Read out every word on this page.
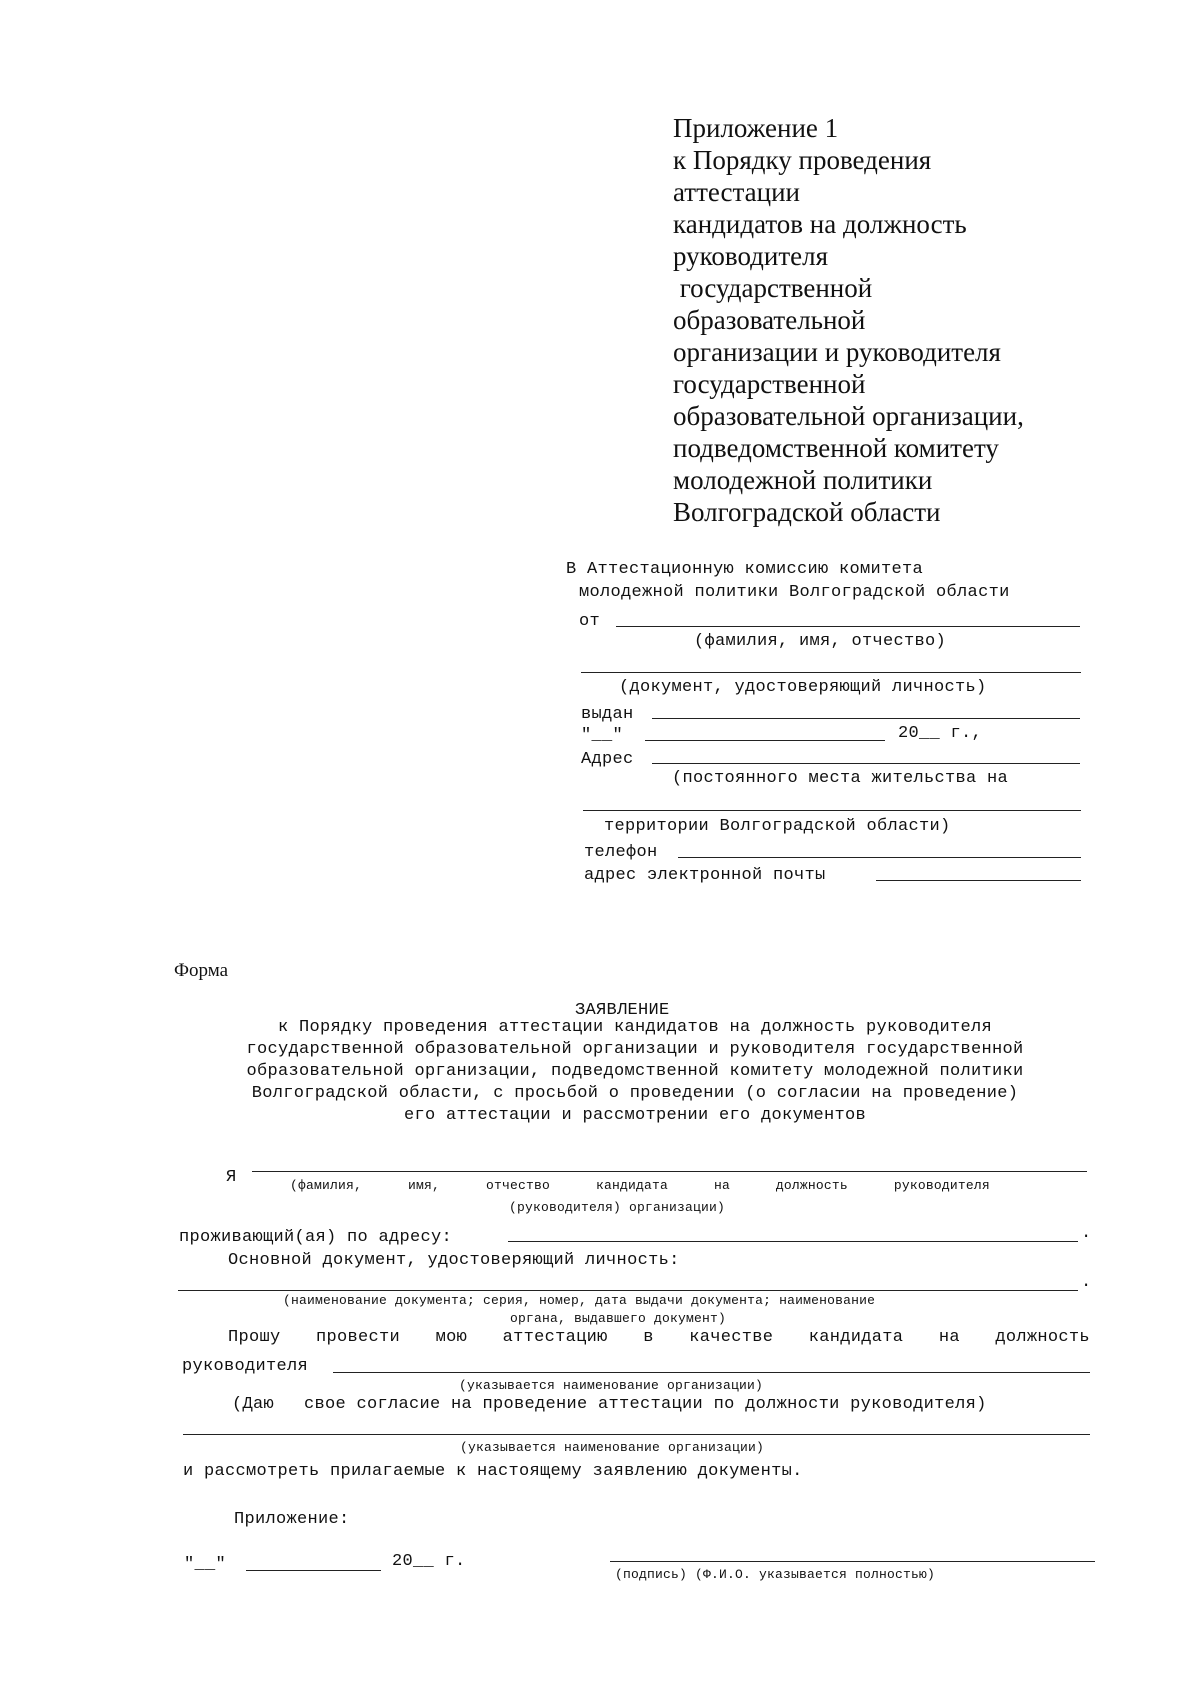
Приложение 1
к Порядку проведения
аттестации
кандидатов на должность
руководителя
государственной
образовательной
организации и руководителя
государственной
образовательной организации,
подведомственной комитету
молодежной политики
Волгоградской области
В Аттестационную комиссию комитета
молодежной политики Волгоградской области
от
(фамилия, имя, отчество)
(документ, удостоверяющий личность)
выдан
"__"	20__ г.,
Адрес
(постоянного места жительства на
территории Волгоградской области)
телефон
адрес электронной почты
Форма
ЗАЯВЛЕНИЕ
к Порядку проведения аттестации кандидатов на должность руководителя
государственной образовательной организации и руководителя государственной
образовательной организации, подведомственной комитету молодежной политики
Волгоградской области, с просьбой о проведении (о согласии на проведение)
его аттестации и рассмотрении его документов
Я	(фамилия,	имя,	отчество	кандидата	на	должность	руководителя
(руководителя) организации)
проживающий(ая) по адресу:	.
Основной документ, удостоверяющий личность:
.
(наименование документа; серия, номер, дата выдачи документа; наименование
органа, выдавшего документ)
Прошу провести мою аттестацию в качестве кандидата на должность
руководителя
(указывается наименование организации)
(Даю свое согласие на проведение аттестации по должности руководителя)
(указывается наименование организации)
и рассмотреть прилагаемые к настоящему заявлению документы.
Приложение:
"__"	20__ г.
(подпись) (Ф.И.О. указывается полностью)
